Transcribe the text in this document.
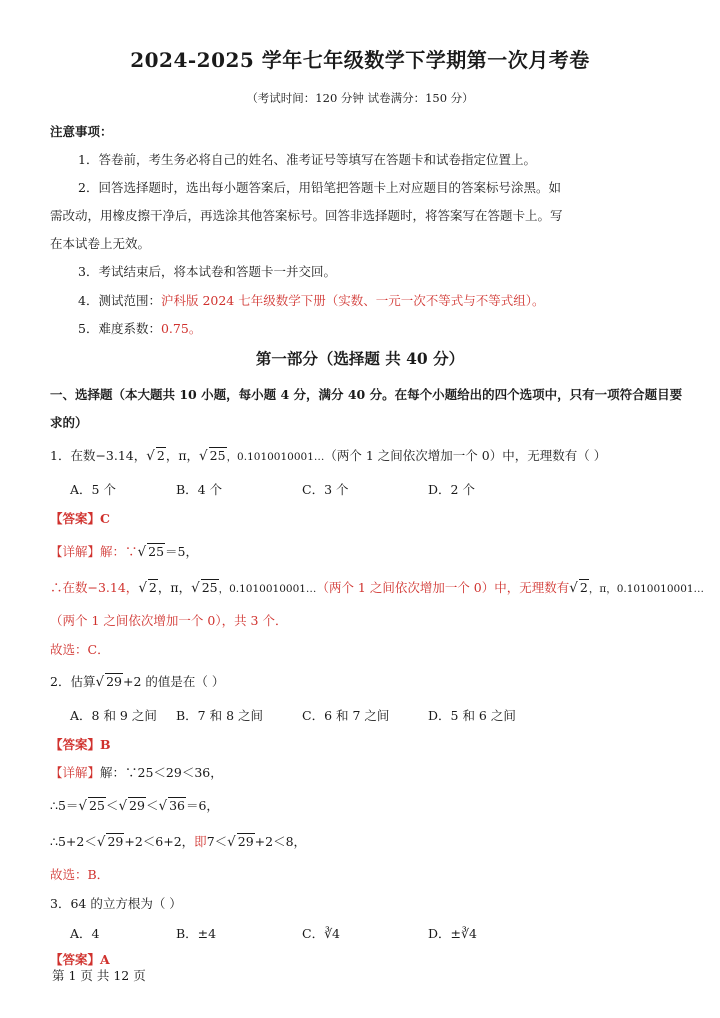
2024-2025 学年七年级数学下学期第一次月考卷
（考试时间：120 分钟 试卷满分：150 分）
注意事项：
1．答卷前，考生务必将自己的姓名、准考证号等填写在答题卡和试卷指定位置上。
2．回答选择题时，选出每小题答案后，用铅笔把答题卡上对应题目的答案标号涂黑。如
需改动，用橡皮擦干净后，再选涂其他答案标号。回答非选择题时，将答案写在答题卡上。写
在本试卷上无效。
3．考试结束后，将本试卷和答题卡一并交回。
4．测试范围：沪科版 2024 七年级数学下册（实数、一元一次不等式与不等式组）。
5．难度系数：0.75。
第一部分（选择题 共 40 分）
一、选择题（本大题共 10 小题，每小题 4 分，满分 40 分。在每个小题给出的四个选项中，只有一项符合题目要
求的）
1．在数−3.14，√ 2，π，√ 25，0.1010010001…（两个 1 之间依次增加一个 0）中，无理数有（ ）
A．5 个	B．4 个	C．3 个	D．2 个
【答案】C
【详解】解：∵√ 25＝5，
∴在数−3.14，√ 2，π，√ 25，0.1010010001…（两个 1 之间依次增加一个 0）中，无理数有√ 2，π，0.1010010001…
（两个 1 之间依次增加一个 0），共 3 个．
故选：C．
2．估算√ 29+2 的值是在（ ）
A．8 和 9 之间 B．7 和 8 之间	C．6 和 7 之间	D．5 和 6 之间
【答案】B
【详解】解：∵25＜29＜36，
∴5＝√ 25＜√ 29＜√ 36＝6，
∴5+2＜√ 29+2＜6+2，即7＜√ 29+2＜8，
故选：B．
3．64 的立方根为（ ）
A．4	B．±4	C．∛4	D．±∛4
【答案】A
第 1 页 共 12 页
